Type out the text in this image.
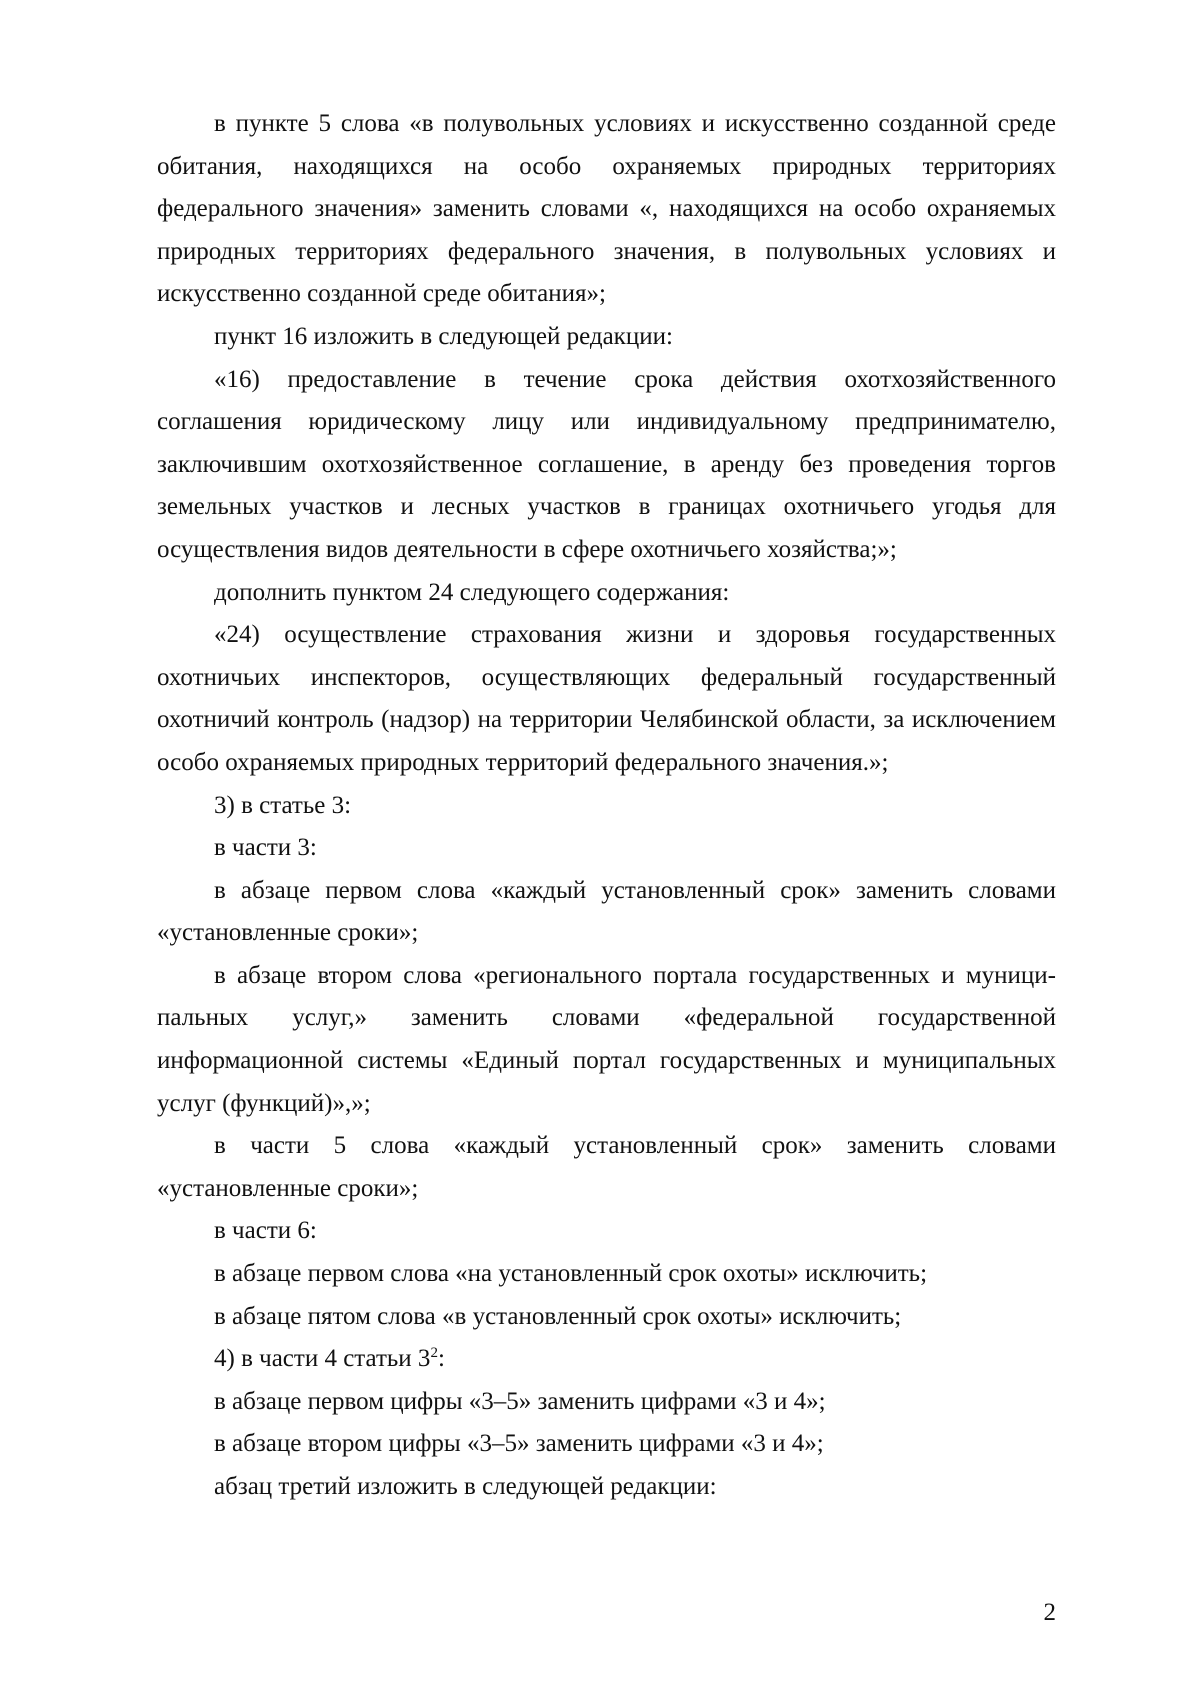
в пункте 5 слова «в полувольных условиях и искусственно созданной среде обитания, находящихся на особо охраняемых природных территориях федерального значения» заменить словами «, находящихся на особо охраняемых природных территориях федерального значения, в полувольных условиях и искусственно созданной среде обитания»;

пункт 16 изложить в следующей редакции:

«16) предоставление в течение срока действия охотхозяйственного соглашения юридическому лицу или индивидуальному предпринимателю, заключившим охотхозяйственное соглашение, в аренду без проведения торгов земельных участков и лесных участков в границах охотничьего угодья для осуществления видов деятельности в сфере охотничьего хозяйства;»;

дополнить пунктом 24 следующего содержания:

«24) осуществление страхования жизни и здоровья государственных охотничьих инспекторов, осуществляющих федеральный государственный охотничий контроль (надзор) на территории Челябинской области, за исключением особо охраняемых природных территорий федерального значения.»;

3) в статье 3:

в части 3:

в абзаце первом слова «каждый установленный срок» заменить словами «установленные сроки»;

в абзаце втором слова «регионального портала государственных и муниципальных услуг,» заменить словами «федеральной государственной информационной системы «Единый портал государственных и муниципальных услуг (функций)»,»;

в части 5 слова «каждый установленный срок» заменить словами «установленные сроки»;

в части 6:

в абзаце первом слова «на установленный срок охоты» исключить;

в абзаце пятом слова «в установленный срок охоты» исключить;

4) в части 4 статьи $3^2$:

в абзаце первом цифры «3–5» заменить цифрами «3 и 4»;

в абзаце втором цифры «3–5» заменить цифрами «3 и 4»;

абзац третий изложить в следующей редакции:

2
